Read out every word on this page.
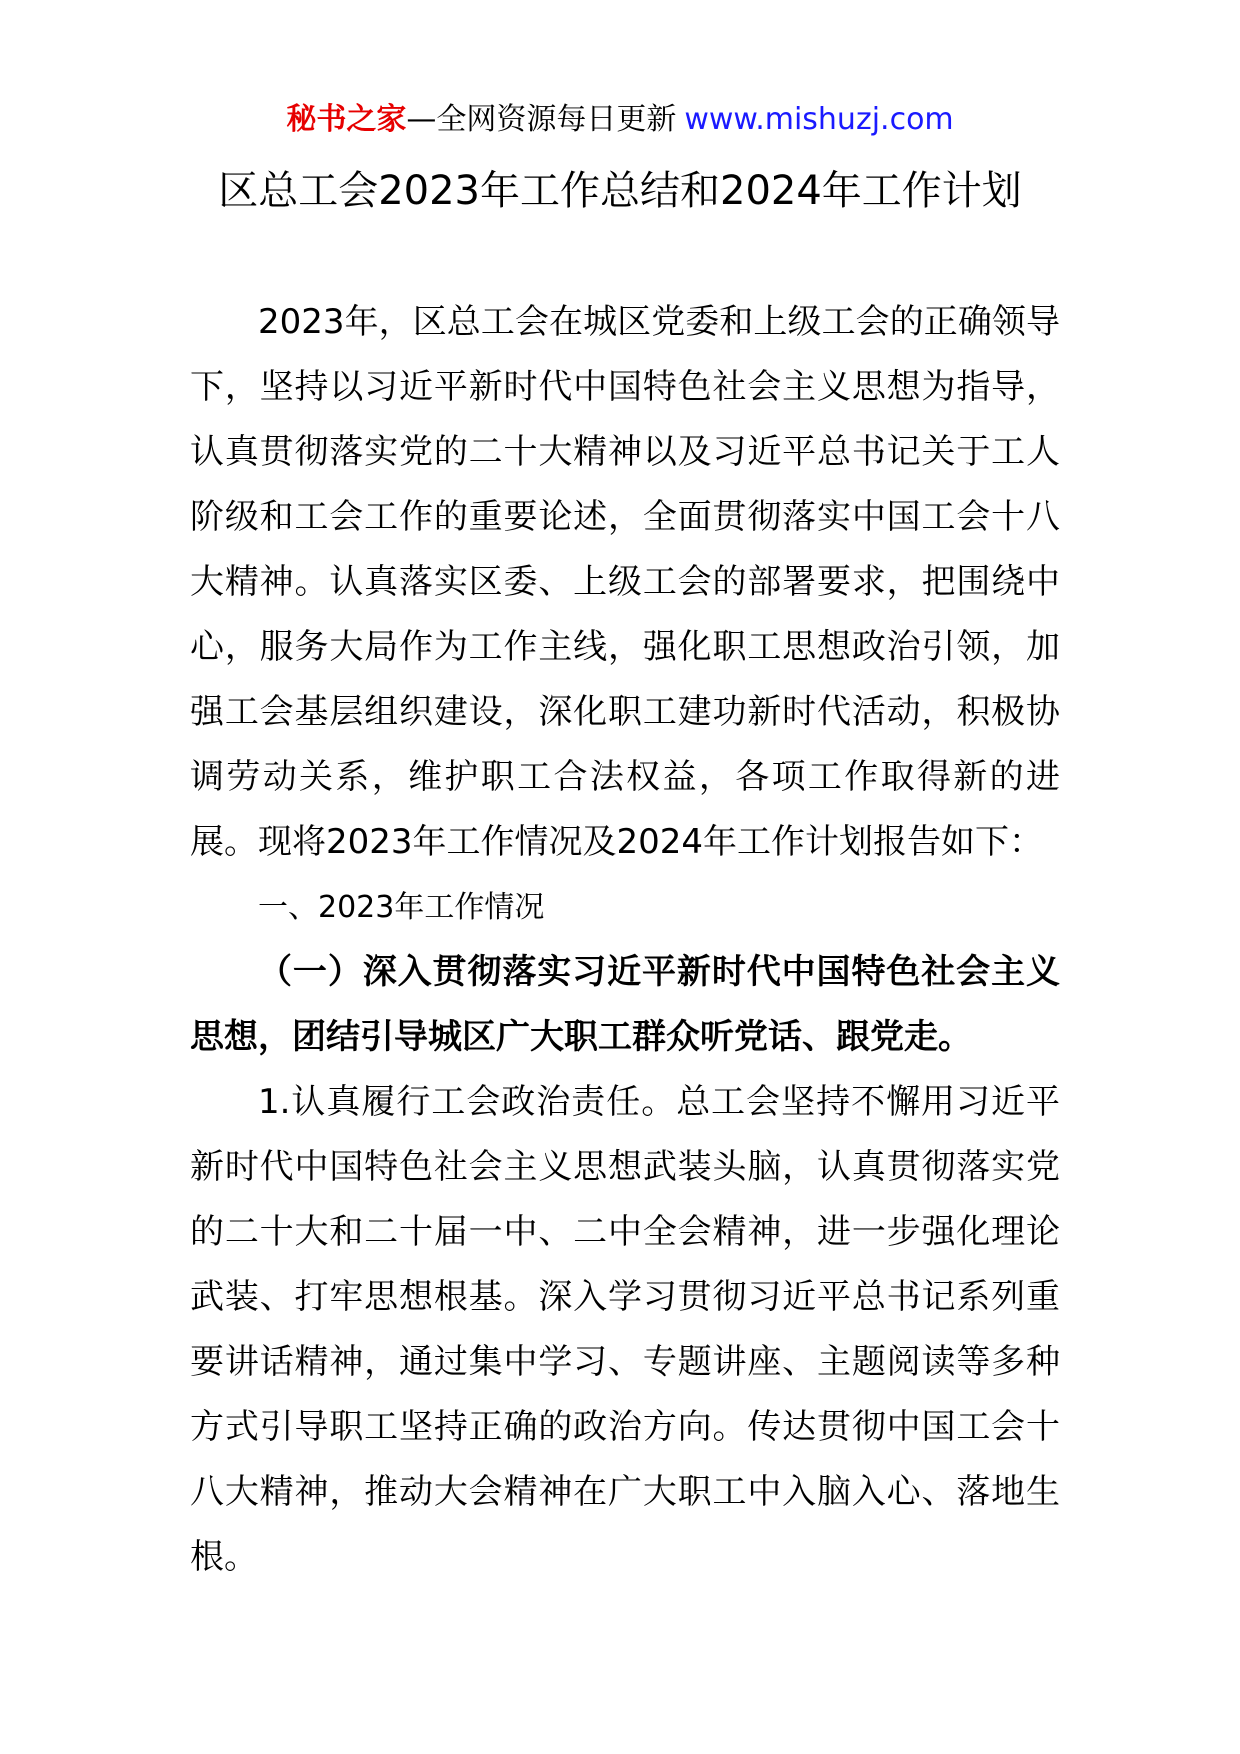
秘书之家—全网资源每日更新 www.mishuzj.com
区总工会2023年工作总结和2024年工作计划

2023年，区总工会在城区党委和上级工会的正确领导下，坚持以习近平新时代中国特色社会主义思想为指导，认真贯彻落实党的二十大精神以及习近平总书记关于工人阶级和工会工作的重要论述，全面贯彻落实中国工会十八大精神。认真落实区委、上级工会的部署要求，把围绕中心，服务大局作为工作主线，强化职工思想政治引领，加强工会基层组织建设，深化职工建功新时代活动，积极协调劳动关系，维护职工合法权益，各项工作取得新的进展。现将2023年工作情况及2024年工作计划报告如下：

一、2023年工作情况

（一）深入贯彻落实习近平新时代中国特色社会主义思想，团结引导城区广大职工群众听党话、跟党走。

1.认真履行工会政治责任。总工会坚持不懈用习近平新时代中国特色社会主义思想武装头脑，认真贯彻落实党的二十大和二十届一中、二中全会精神，进一步强化理论武装、打牢思想根基。深入学习贯彻习近平总书记系列重要讲话精神，通过集中学习、专题讲座、主题阅读等多种方式引导职工坚持正确的政治方向。传达贯彻中国工会十八大精神，推动大会精神在广大职工中入脑入心、落地生根。
